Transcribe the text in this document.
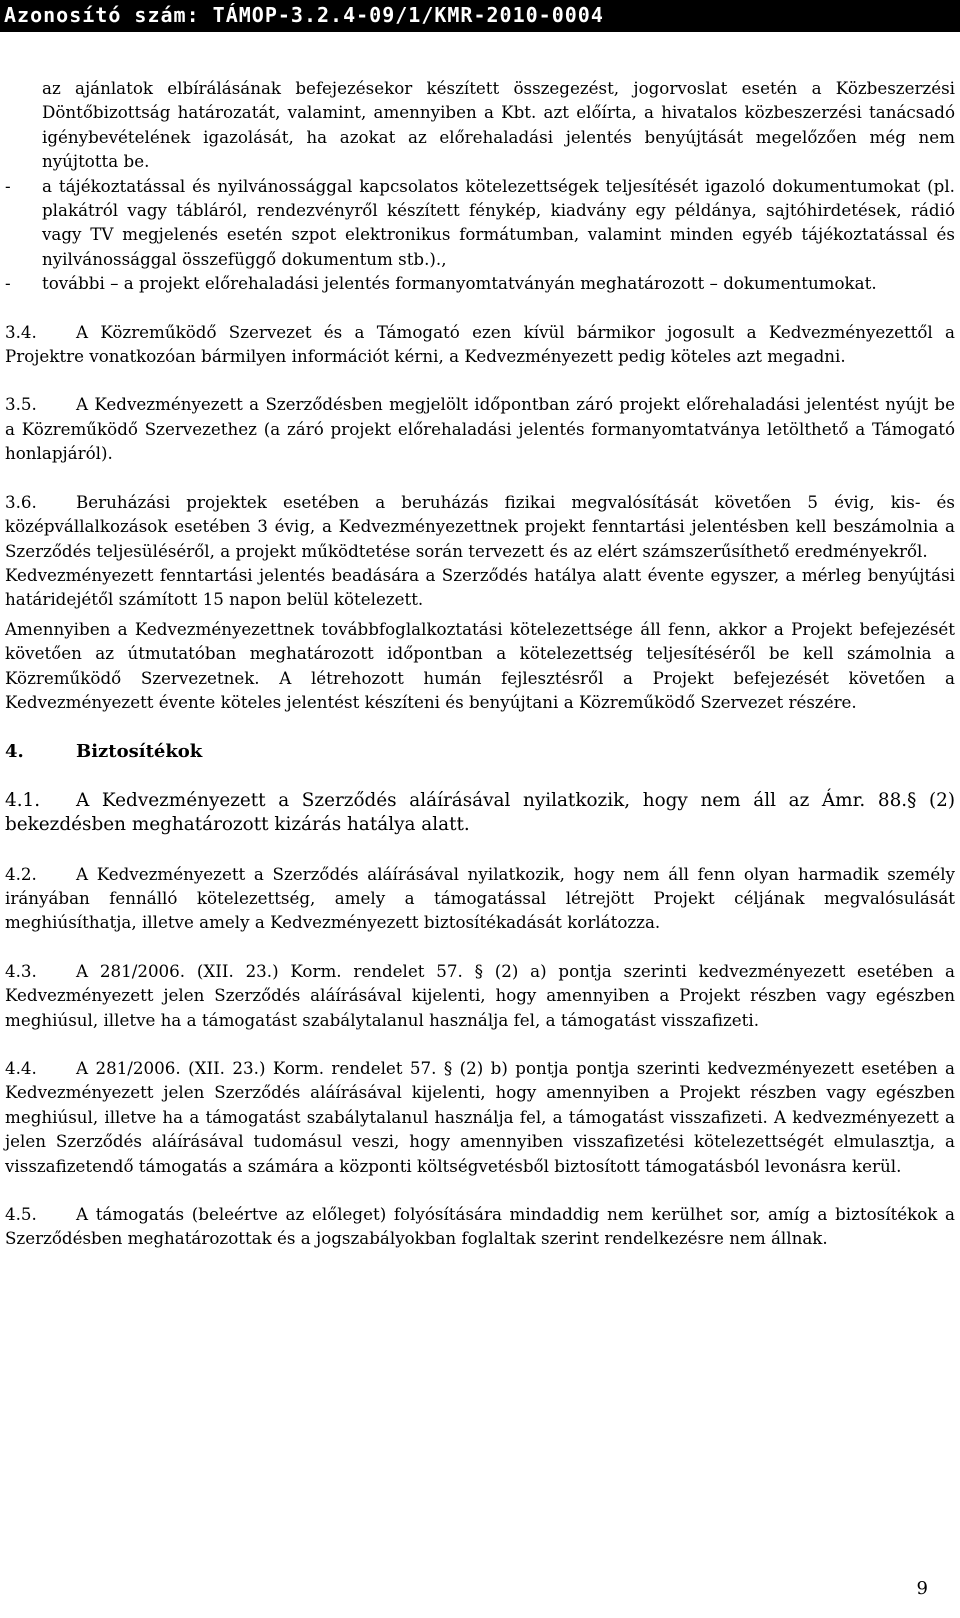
Azonosító szám: TÁMOP-3.2.4-09/1/KMR-2010-0004

az ajánlatok elbírálásának befejezésekor készített összegezést, jogorvoslat esetén a Közbeszerzési Döntőbizottság határozatát, valamint, amennyiben a Kbt. azt előírta, a hivatalos közbeszerzési tanácsadó igénybevételének igazolását, ha azokat az előrehaladási jelentés benyújtását megelőzően még nem nyújtotta be.

- a tájékoztatással és nyilvánossággal kapcsolatos kötelezettségek teljesítését igazoló dokumentumokat (pl. plakátról vagy tábláról, rendezvényről készített fénykép, kiadvány egy példánya, sajtóhirdetések, rádió vagy TV megjelenés esetén szpot elektronikus formátumban, valamint minden egyéb tájékoztatással és nyilvánossággal összefüggő dokumentum stb.).,

- további – a projekt előrehaladási jelentés formanyomtatványán meghatározott – dokumentumokat.

3.4. A Közreműködő Szervezet és a Támogató ezen kívül bármikor jogosult a Kedvezményezettől a Projektre vonatkozóan bármilyen információt kérni, a Kedvezményezett pedig köteles azt megadni.

3.5. A Kedvezményezett a Szerződésben megjelölt időpontban záró projekt előrehaladási jelentést nyújt be a Közreműködő Szervezethez (a záró projekt előrehaladási jelentés formanyomtatványa letölthető a Támogató honlapjáról).

3.6. Beruházási projektek esetében a beruházás fizikai megvalósítását követően 5 évig, kis- és középvállalkozások esetében 3 évig, a Kedvezményezettnek projekt fenntartási jelentésben kell beszámolnia a Szerződés teljesüléséről, a projekt működtetése során tervezett és az elért számszerűsíthető eredményekről.

Kedvezményezett fenntartási jelentés beadására a Szerződés hatálya alatt évente egyszer, a mérleg benyújtási határidejétől számított 15 napon belül kötelezett.

Amennyiben a Kedvezményezettnek továbbfoglalkoztatási kötelezettsége áll fenn, akkor a Projekt befejezését követően az útmutatóban meghatározott időpontban a kötelezettség teljesítéséről be kell számolnia a Közreműködő Szervezetnek. A létrehozott humán fejlesztésről a Projekt befejezését követően a Kedvezményezett évente köteles jelentést készíteni és benyújtani a Közreműködő Szervezet részére.

4.	Biztosítékok

4.1. A Kedvezményezett a Szerződés aláírásával nyilatkozik, hogy nem áll az Ámr. 88.§ (2) bekezdésben meghatározott kizárás hatálya alatt.

4.2. A Kedvezményezett a Szerződés aláírásával nyilatkozik, hogy nem áll fenn olyan harmadik személy irányában fennálló kötelezettség, amely a támogatással létrejött Projekt céljának megvalósulását meghiúsíthatja, illetve amely a Kedvezményezett biztosítékadását korlátozza.

4.3. A 281/2006. (XII. 23.) Korm. rendelet 57. § (2) a) pontja szerinti kedvezményezett esetében a Kedvezményezett jelen Szerződés aláírásával kijelenti, hogy amennyiben a Projekt részben vagy egészben meghiúsul, illetve ha a támogatást szabálytalanul használja fel, a támogatást visszafizeti.

4.4. A 281/2006. (XII. 23.) Korm. rendelet 57. § (2) b) pontja pontja szerinti kedvezményezett esetében a Kedvezményezett jelen Szerződés aláírásával kijelenti, hogy amennyiben a Projekt részben vagy egészben meghiúsul, illetve ha a támogatást szabálytalanul használja fel, a támogatást visszafizeti. A kedvezményezett a jelen Szerződés aláírásával tudomásul veszi, hogy amennyiben visszafizetési kötelezettségét elmulasztja, a visszafizetendő támogatás a számára a központi költségvetésből biztosított támogatásból levonásra kerül.

4.5. A támogatás (beleértve az előleget) folyósítására mindaddig nem kerülhet sor, amíg a biztosítékok a Szerződésben meghatározottak és a jogszabályokban foglaltak szerint rendelkezésre nem állnak.

9
